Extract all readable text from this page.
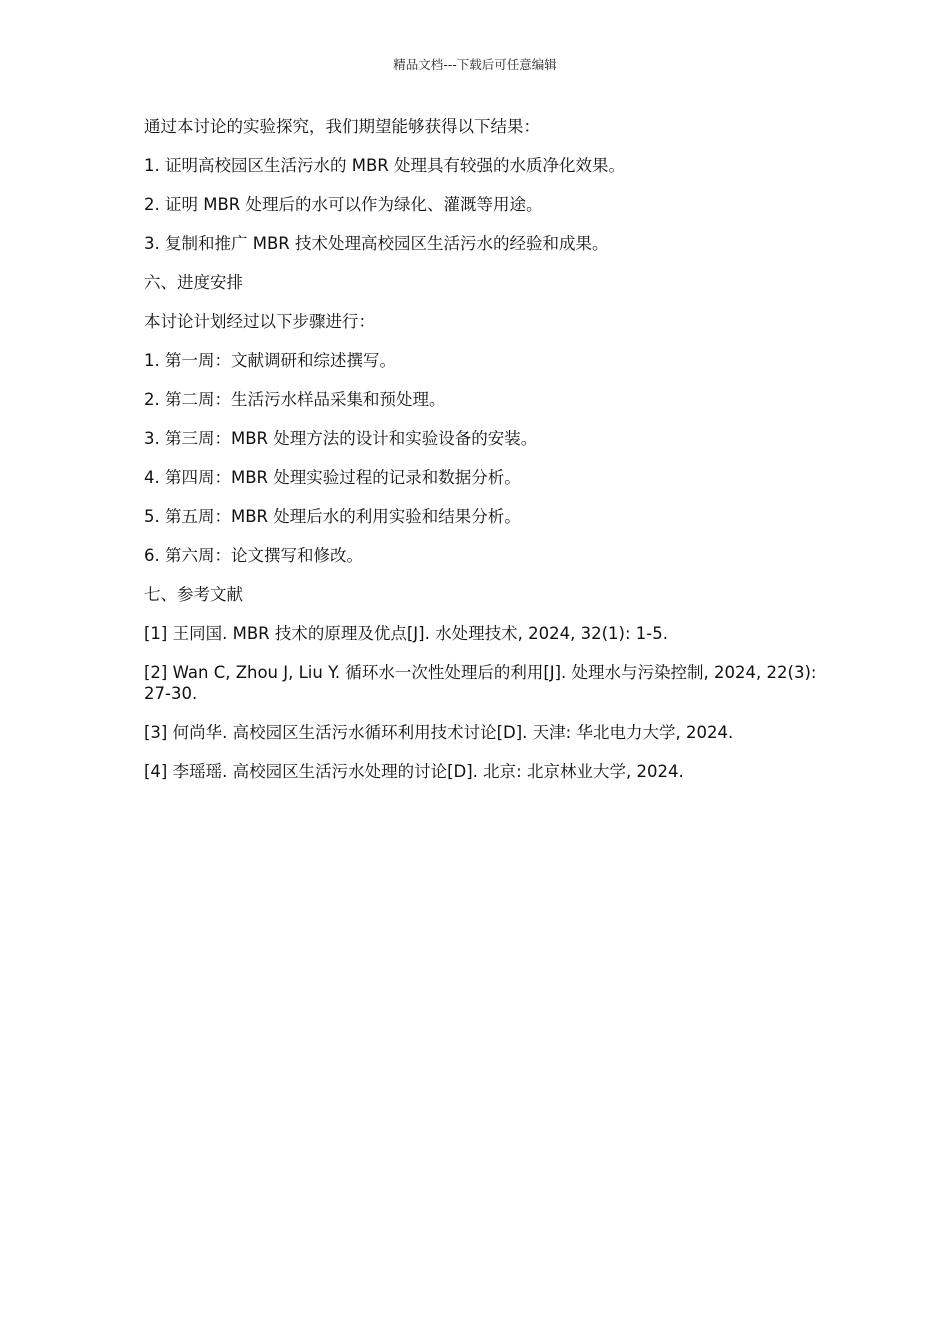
精品文档---下载后可任意编辑

通过本讨论的实验探究，我们期望能够获得以下结果：

1. 证明高校园区生活污水的 MBR 处理具有较强的水质净化效果。

2. 证明 MBR 处理后的水可以作为绿化、灌溉等用途。

3. 复制和推广 MBR 技术处理高校园区生活污水的经验和成果。

六、进度安排

本讨论计划经过以下步骤进行：

1. 第一周：文献调研和综述撰写。

2. 第二周：生活污水样品采集和预处理。

3. 第三周：MBR 处理方法的设计和实验设备的安装。

4. 第四周：MBR 处理实验过程的记录和数据分析。

5. 第五周：MBR 处理后水的利用实验和结果分析。

6. 第六周：论文撰写和修改。

七、参考文献

[1] 王同国. MBR 技术的原理及优点[J]. 水处理技术, 2024, 32(1): 1-5.

[2] Wan C, Zhou J, Liu Y. 循环水一次性处理后的利用[J]. 处理水与污染控制, 2024, 22(3): 27-30.

[3] 何尚华. 高校园区生活污水循环利用技术讨论[D]. 天津: 华北电力大学, 2024.

[4] 李瑶瑶. 高校园区生活污水处理的讨论[D]. 北京: 北京林业大学, 2024.
